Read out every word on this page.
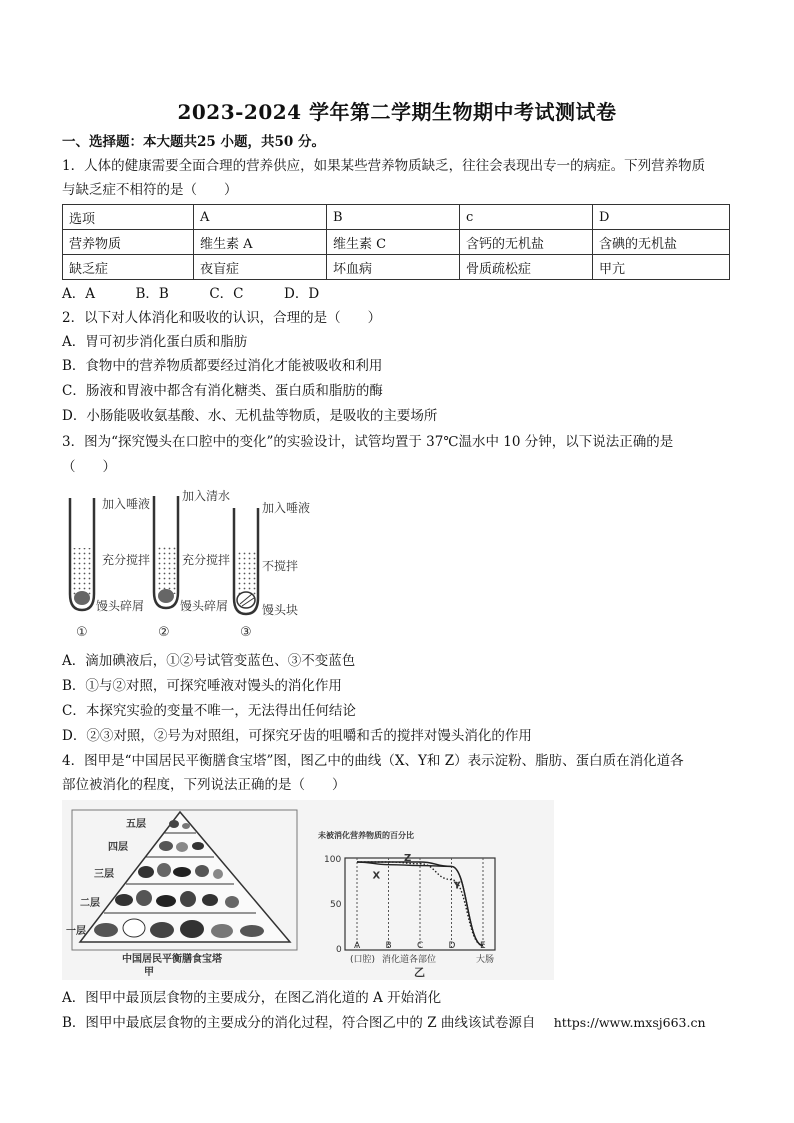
2023-2024 学年第二学期生物期中考试测试卷
一、选择题：本大题共25 小题，共50 分。
1．人体的健康需要全面合理的营养供应，如果某些营养物质缺乏，往往会表现出专一的病症。下列营养物质
与缺乏症不相符的是（　　）
选项	A	B	c	D
营养物质	维生素 A	维生素 C	含钙的无机盐	含碘的无机盐
缺乏症	夜盲症	坏血病	骨质疏松症	甲亢
A．A　　　B．B　　　C．C　　　D．D
2．以下对人体消化和吸收的认识，合理的是（　　）
A．胃可初步消化蛋白质和脂肪
B．食物中的营养物质都要经过消化才能被吸收和利用
C．肠液和胃液中都含有消化糖类、蛋白质和脂肪的酶
D．小肠能吸收氨基酸、水、无机盐等物质，是吸收的主要场所
3．图为“探究馒头在口腔中的变化”的实验设计，试管均置于 37℃温水中 10 分钟，以下说法正确的是
（　　）
加入唾液
充分搅拌
馒头碎屑
①
加入清水
充分搅拌
馒头碎屑
②
加入唾液
不搅拌
馒头块
③
A．滴加碘液后，①②号试管变蓝色、③不变蓝色
B．①与②对照，可探究唾液对馒头的消化作用
C．本探究实验的变量不唯一，无法得出任何结论
D．②③对照，②号为对照组，可探究牙齿的咀嚼和舌的搅拌对馒头消化的作用
4．图甲是“中国居民平衡膳食宝塔”图，图乙中的曲线（X、Y和 Z）表示淀粉、脂肪、蛋白质在消化道各
部位被消化的程度，下列说法正确的是（　　）
五层
四层
三层
二层
一层
中国居民平衡膳食宝塔
甲
未被消化营养物质的百分比
A	B	C	D	E
X
Y
Z
100
50
0
(口腔) 消化道各部位	大肠
乙
A．图甲中最顶层食物的主要成分，在图乙消化道的 A 开始消化
B．图甲中最底层食物的主要成分的消化过程，符合图乙中的 Z 曲线该试卷源自 https://www.mxsj663.cn
